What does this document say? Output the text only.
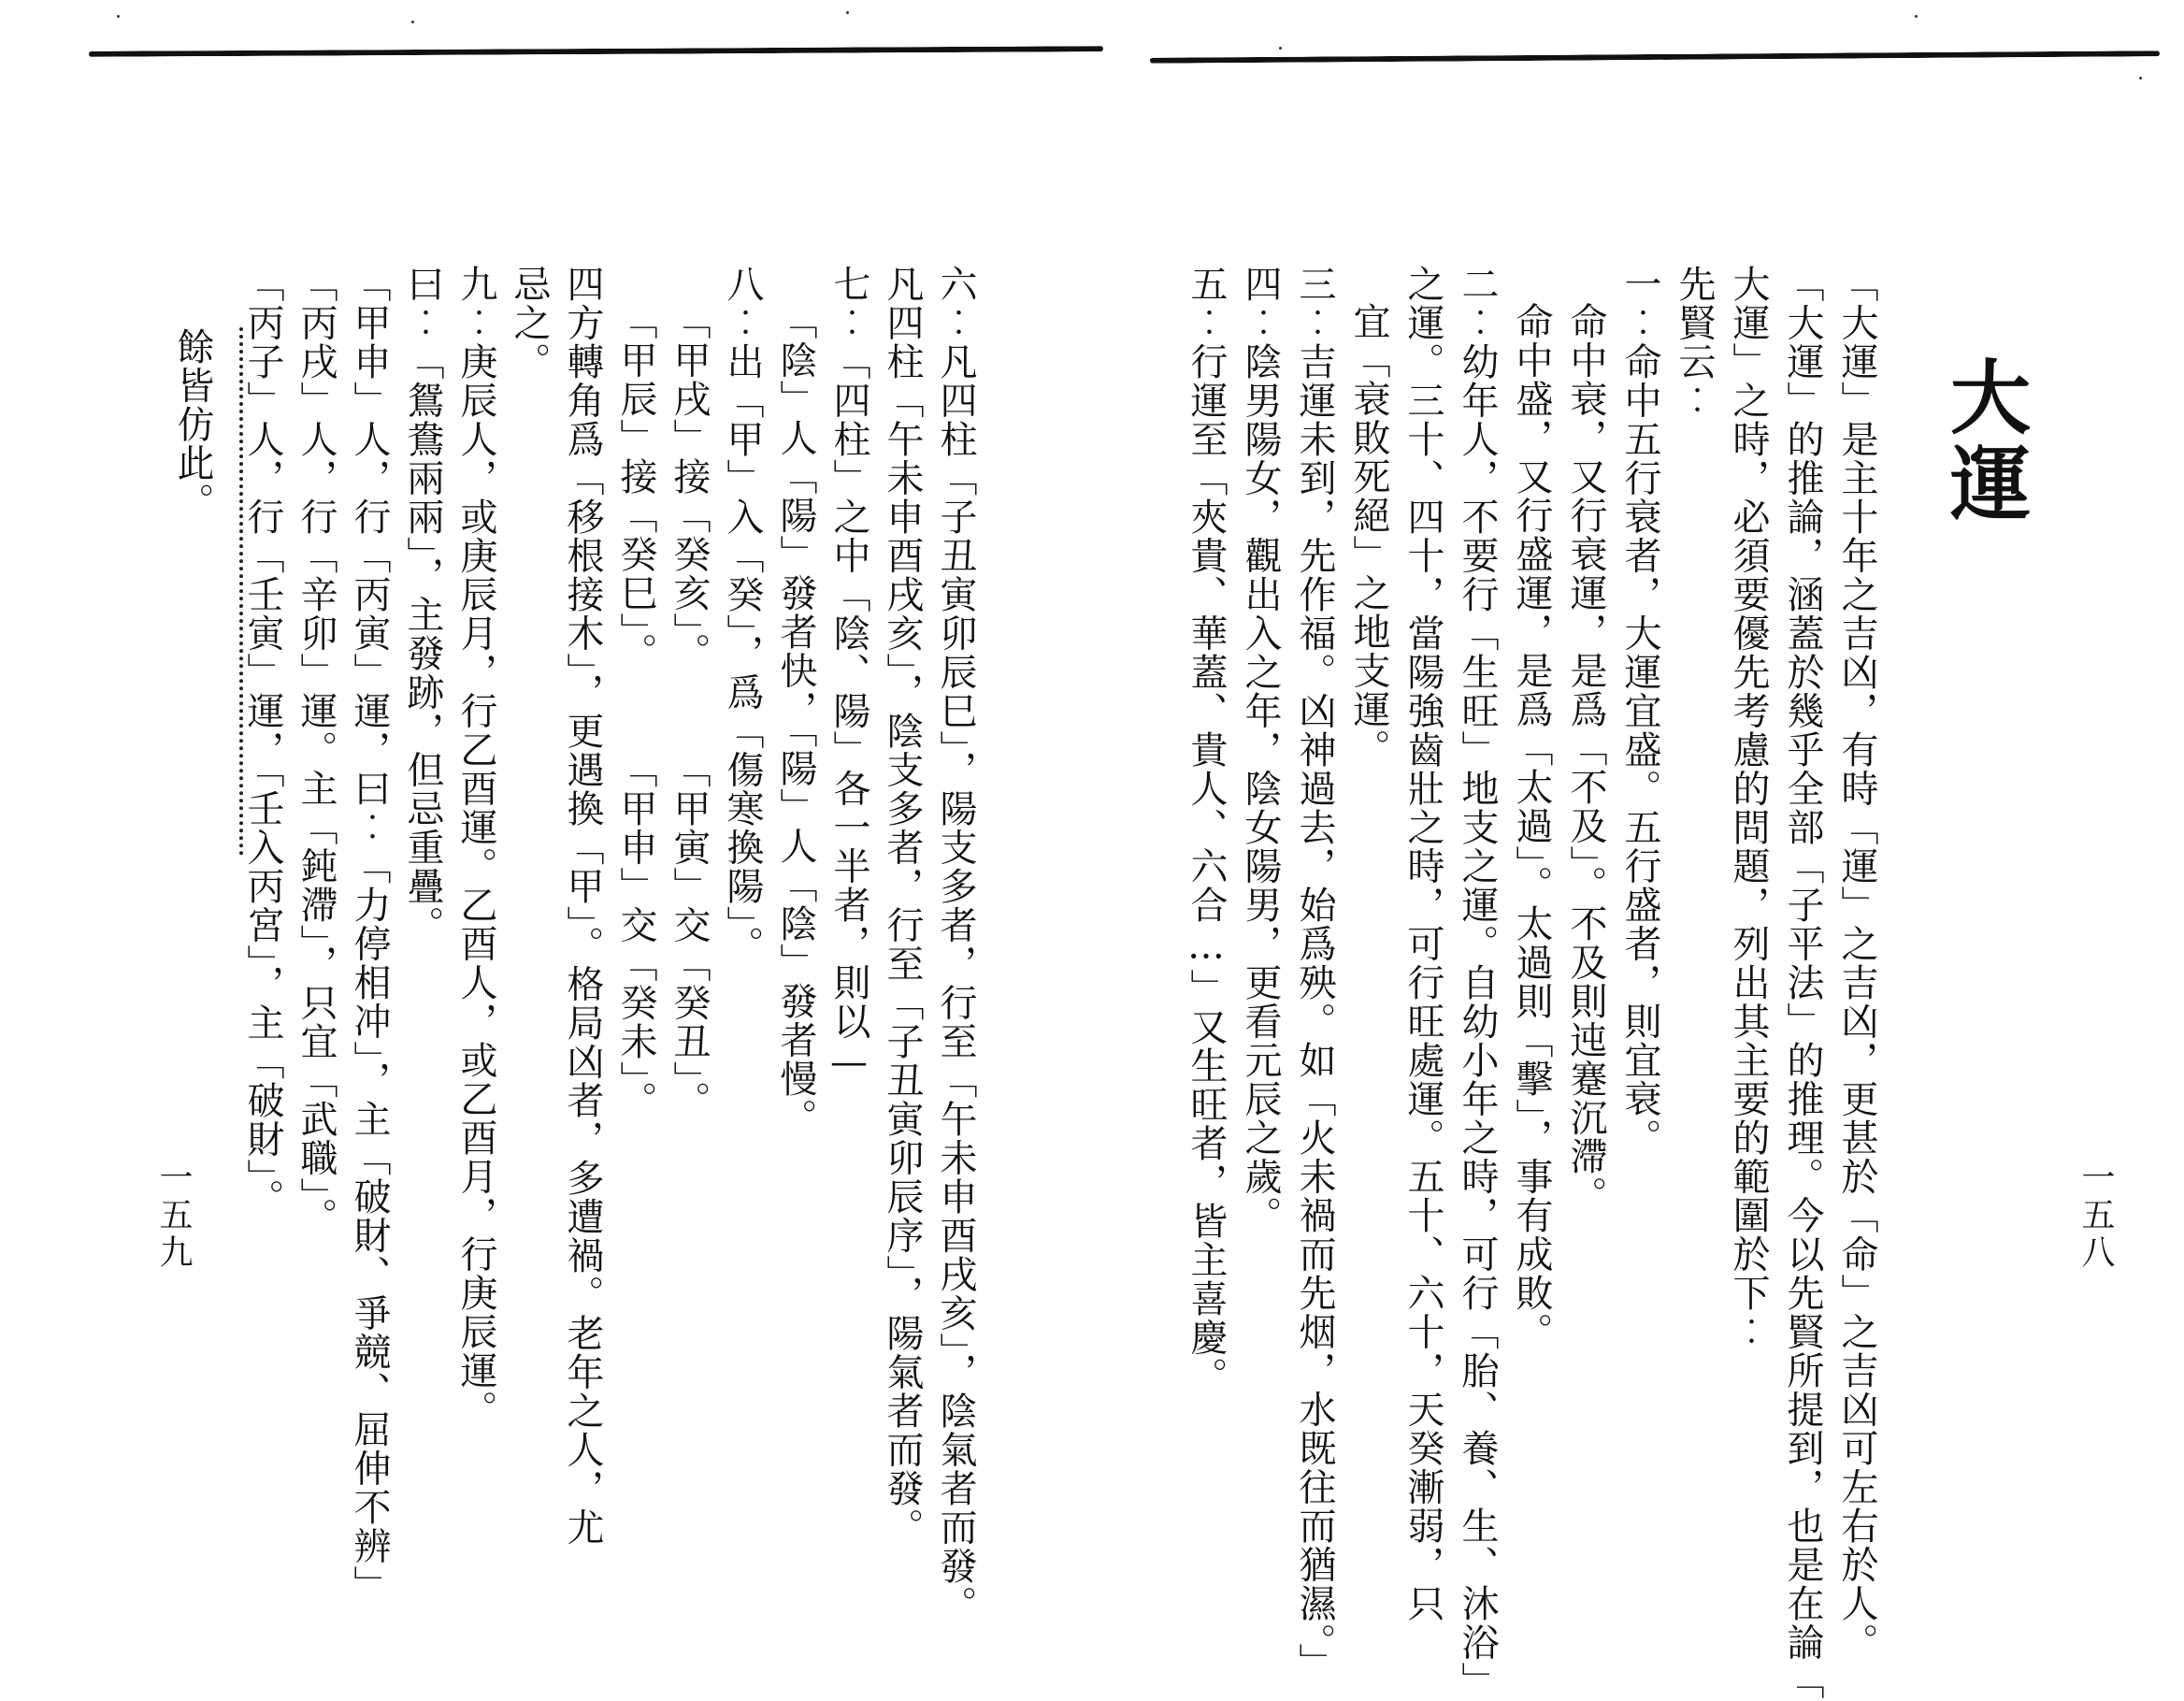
六︰凡四柱「子丑寅卯辰巳」，陽支多者，行至「午未申酉戌亥」，陰氣者而發。
凡四柱「午未申酉戌亥」，陰支多者，行至「子丑寅卯辰序」，陽氣者而發。
七︰「四柱」之中「陰、陽」各一半者，則以—
「陰」人「陽」發者快，「陽」人「陰」發者慢。
八︰出「甲」入「癸」，爲「傷寒換陽」。
「甲戌」接「癸亥」。　　　「甲寅」交「癸丑」。
「甲辰」接「癸巳」。　　　「甲申」交「癸未」。
四方轉角爲「移根接木」，更遇換「甲」。格局凶者，多遭禍。老年之人，尤
忌之。
九︰庚辰人，或庚辰月，行乙酉運。乙酉人，或乙酉月，行庚辰運。
曰︰「鴛鴦兩兩」，主發跡，但忌重疊。
「甲申」人，行「丙寅」運，曰︰「力停相冲」，主「破財、爭競、屈伸不辨」
「丙戌」人，行「辛卯」運。主「鈍滯」，只宜「武職」。
「丙子」人，行「壬寅」運，「壬入丙宮」，主「破財」。
餘皆仿此。
一五九
大運
「大運」是主十年之吉凶，有時「運」之吉凶，更甚於「命」之吉凶可左右於人。
「大運」的推論，涵蓋於幾乎全部「子平法」的推理。今以先賢所提到，也是在論「
大運」之時，必須要優先考慮的問題，列出其主要的範圍於下︰
先賢云︰
一︰命中五行衰者，大運宜盛。五行盛者，則宜衰。
命中衰，又行衰運，是爲「不及」。不及則迍蹇沉滯。
命中盛，又行盛運，是爲「太過」。太過則「擊」，事有成敗。
二︰幼年人，不要行「生旺」地支之運。自幼小年之時，可行「胎、養、生、沐浴」
之運。三十、四十，當陽強齒壯之時，可行旺處運。五十、六十，天癸漸弱，只
宜「衰敗死絕」之地支運。
三︰吉運未到，先作福。凶神過去，始爲殃。如「火未禍而先烟，水既往而猶濕。」
四︰陰男陽女，觀出入之年，陰女陽男，更看元辰之歲。
五︰行運至「夾貴、華蓋、貴人、六合…」又生旺者，皆主喜慶。	一五八
